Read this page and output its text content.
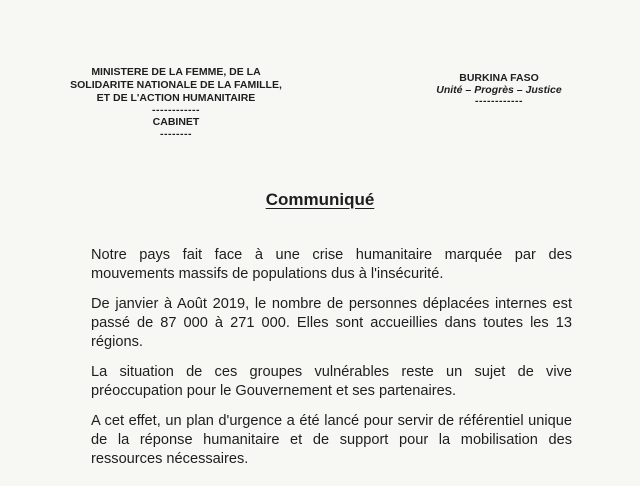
MINISTERE DE LA FEMME, DE LA
SOLIDARITE NATIONALE DE LA FAMILLE,
ET DE L'ACTION HUMANITAIRE
------------
CABINET
--------
BURKINA FASO
Unité – Progrès – Justice
------------
Communiqué

Notre pays fait face à une crise humanitaire marquée par des mouvements massifs de populations dus à l'insécurité.

De janvier à Août 2019, le nombre de personnes déplacées internes est passé de 87 000 à 271 000. Elles sont accueillies dans toutes les 13 régions.

La situation de ces groupes vulnérables reste un sujet de vive préoccupation pour le Gouvernement et ses partenaires.

A cet effet, un plan d'urgence a été lancé pour servir de référentiel unique de la réponse humanitaire et de support pour la mobilisation des ressources nécessaires.
